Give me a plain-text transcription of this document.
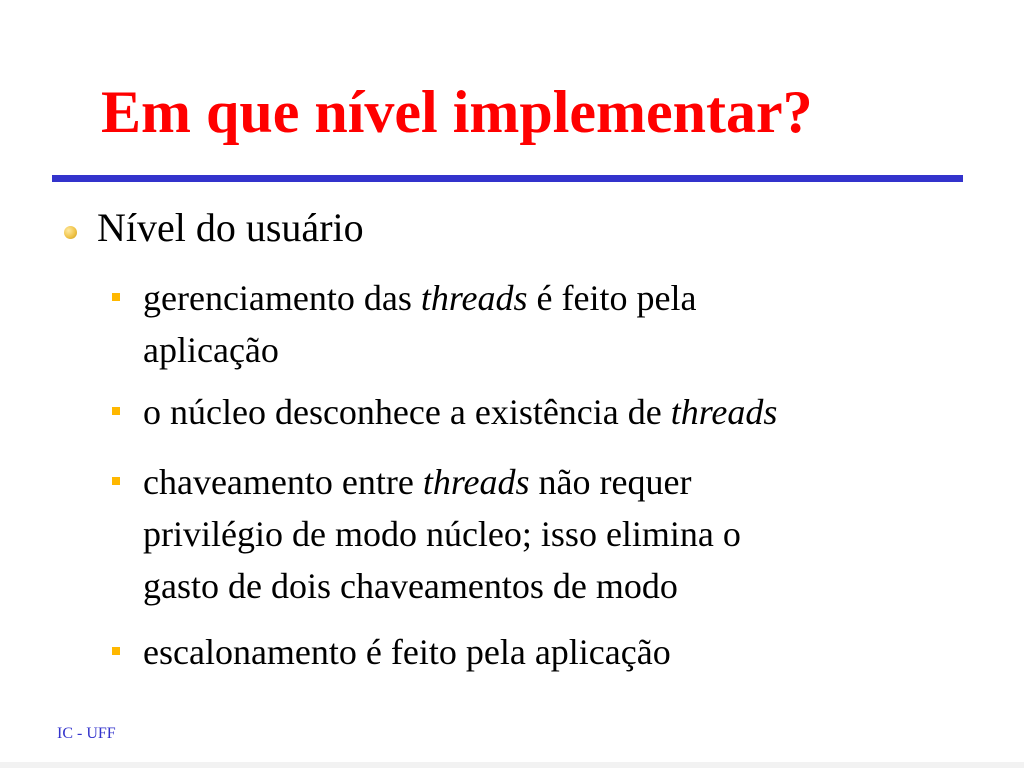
Em que nível implementar?
Nível do usuário
gerenciamento das threads é feito pela
aplicação
o núcleo desconhece a existência de threads
chaveamento entre threads não requer
privilégio de modo núcleo; isso elimina o
gasto de dois chaveamentos de modo
escalonamento é feito pela aplicação
IC - UFF
